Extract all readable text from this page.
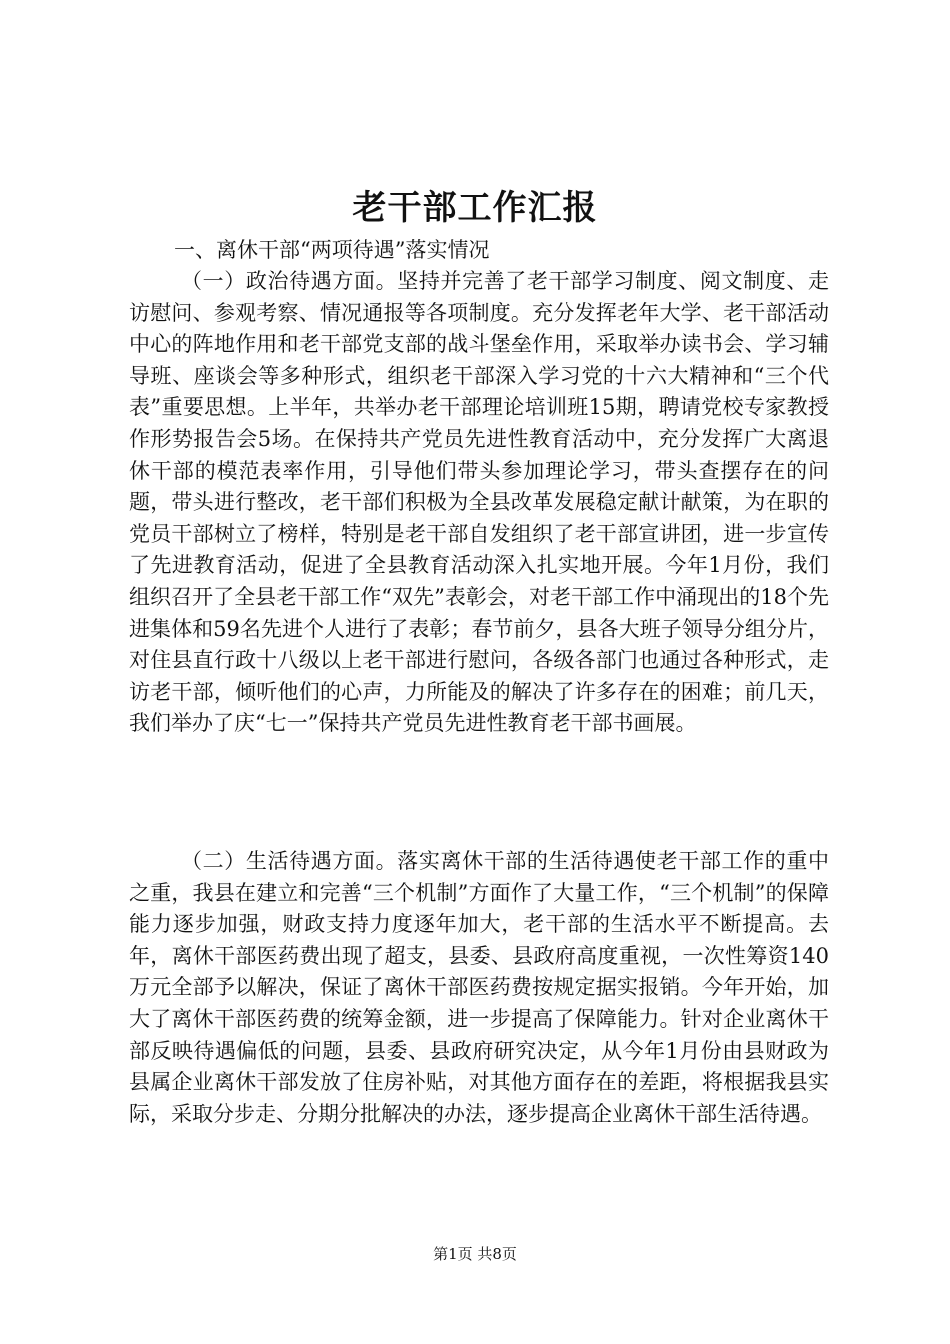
老干部工作汇报
一、离休干部“两项待遇”落实情况

（一）政治待遇方面。坚持并完善了老干部学习制度、阅文制度、走访慰问、参观考察、情况通报等各项制度。充分发挥老年大学、老干部活动中心的阵地作用和老干部党支部的战斗堡垒作用，采取举办读书会、学习辅导班、座谈会等多种形式，组织老干部深入学习党的十六大精神和“三个代表”重要思想。上半年，共举办老干部理论培训班15期，聘请党校专家教授作形势报告会5场。在保持共产党员先进性教育活动中，充分发挥广大离退休干部的模范表率作用，引导他们带头参加理论学习，带头查摆存在的问题，带头进行整改，老干部们积极为全县改革发展稳定献计献策，为在职的党员干部树立了榜样，特别是老干部自发组织了老干部宣讲团，进一步宣传了先进教育活动，促进了全县教育活动深入扎实地开展。今年1月份，我们组织召开了全县老干部工作“双先”表彰会，对老干部工作中涌现出的18个先进集体和59名先进个人进行了表彰；春节前夕，县各大班子领导分组分片，对住县直行政十八级以上老干部进行慰问，各级各部门也通过各种形式，走访老干部，倾听他们的心声，力所能及的解决了许多存在的困难；前几天，我们举办了庆“七一”保持共产党员先进性教育老干部书画展。

（二）生活待遇方面。落实离休干部的生活待遇使老干部工作的重中之重，我县在建立和完善“三个机制”方面作了大量工作，“三个机制”的保障能力逐步加强，财政支持力度逐年加大，老干部的生活水平不断提高。去年，离休干部医药费出现了超支，县委、县政府高度重视，一次性筹资140万元全部予以解决，保证了离休干部医药费按规定据实报销。今年开始，加大了离休干部医药费的统筹金额，进一步提高了保障能力。针对企业离休干部反映待遇偏低的问题，县委、县政府研究决定，从今年1月份由县财政为县属企业离休干部发放了住房补贴，对其他方面存在的差距，将根据我县实际，采取分步走、分期分批解决的办法，逐步提高企业离休干部生活待遇。

第1页 共8页
